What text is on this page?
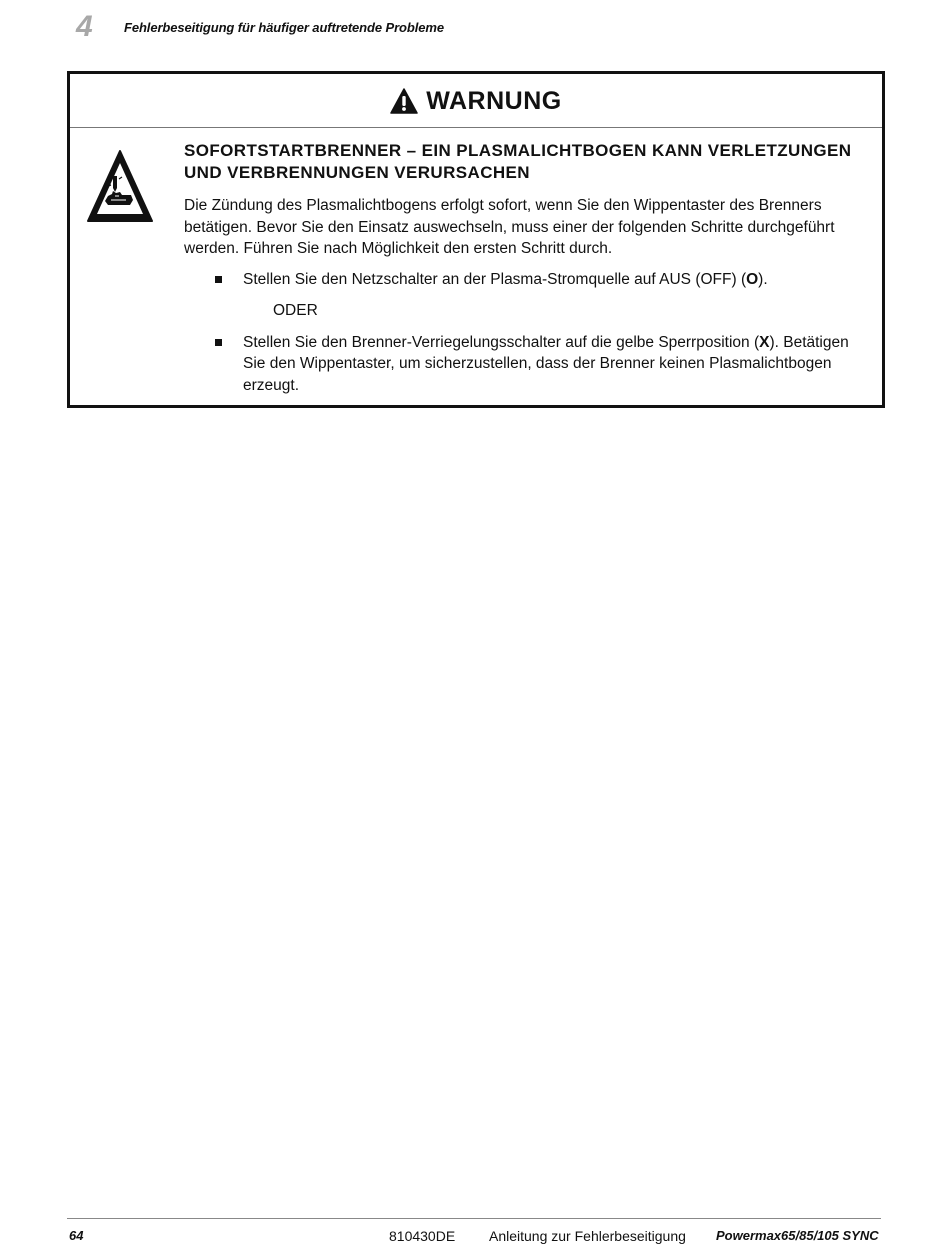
4 Fehlerbeseitigung für häufiger auftretende Probleme
WARNUNG

SOFORTSTARTBRENNER – EIN PLASMALICHTBOGEN KANN VERLETZUNGEN
UND VERBRENNUNGEN VERURSACHEN

Die Zündung des Plasmalichtbogens erfolgt sofort, wenn Sie den Wippentaster des Brenners betätigen. Bevor Sie den Einsatz auswechseln, muss einer der folgenden Schritte durchgeführt werden. Führen Sie nach Möglichkeit den ersten Schritt durch.

Stellen Sie den Netzschalter an der Plasma-Stromquelle auf AUS (OFF) (O).
ODER
Stellen Sie den Brenner-Verriegelungsschalter auf die gelbe Sperrposition (X). Betätigen Sie den Wippentaster, um sicherzustellen, dass der Brenner keinen Plasmalichtbogen erzeugt.
64	810430DE Anleitung zur Fehlerbeseitigung Powermax65/85/105 SYNC
